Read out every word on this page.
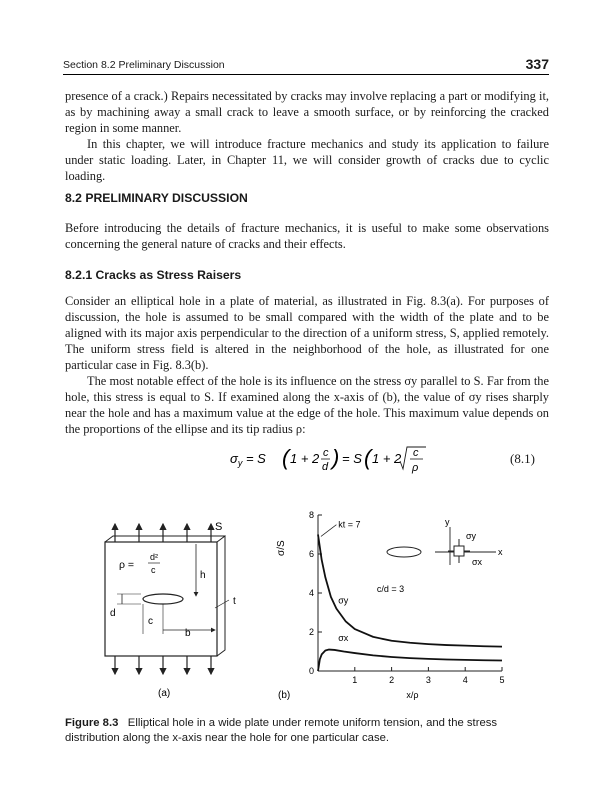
Section 8.2 Preliminary Discussion	337

presence of a crack.) Repairs necessitated by cracks may involve replacing a part or modifying it, as by machining away a small crack to leave a smooth surface, or by reinforcing the cracked region in some manner.

In this chapter, we will introduce fracture mechanics and study its application to failure under static loading. Later, in Chapter 11, we will consider growth of cracks due to cyclic loading.

8.2 PRELIMINARY DISCUSSION

Before introducing the details of fracture mechanics, it is useful to make some observations concerning the general nature of cracks and their effects.

8.2.1 Cracks as Stress Raisers

Consider an elliptical hole in a plate of material, as illustrated in Fig. 8.3(a). For purposes of discussion, the hole is assumed to be small compared with the width of the plate and to be aligned with its major axis perpendicular to the direction of a uniform stress, S, applied remotely. The uniform stress field is altered in the neighborhood of the hole, as illustrated for one particular case in Fig. 8.3(b).

The most notable effect of the hole is its influence on the stress σy parallel to S. Far from the hole, this stress is equal to S. If examined along the x-axis of (b), the value of σy rises sharply near the hole and has a maximum value at the edge of the hole. This maximum value depends on the proportions of the ellipse and its tip radius ρ:

$\sigma_y = S$ ( 1 + 2 c
d ) = S ( 1 + 2 c
ρ
(8.1)
S
ρ =
d²
c	h
d
c
b
t
(a)
0
2
4
6
8
1	2	3	4	5
σy
σx
kt = 7
c/d = 3
σ/S
x/ρ
(b)
y
x
σy
σx
Figure 8.3 Elliptical hole in a wide plate under remote uniform tension, and the stress distribution along the x-axis near the hole for one particular case.
